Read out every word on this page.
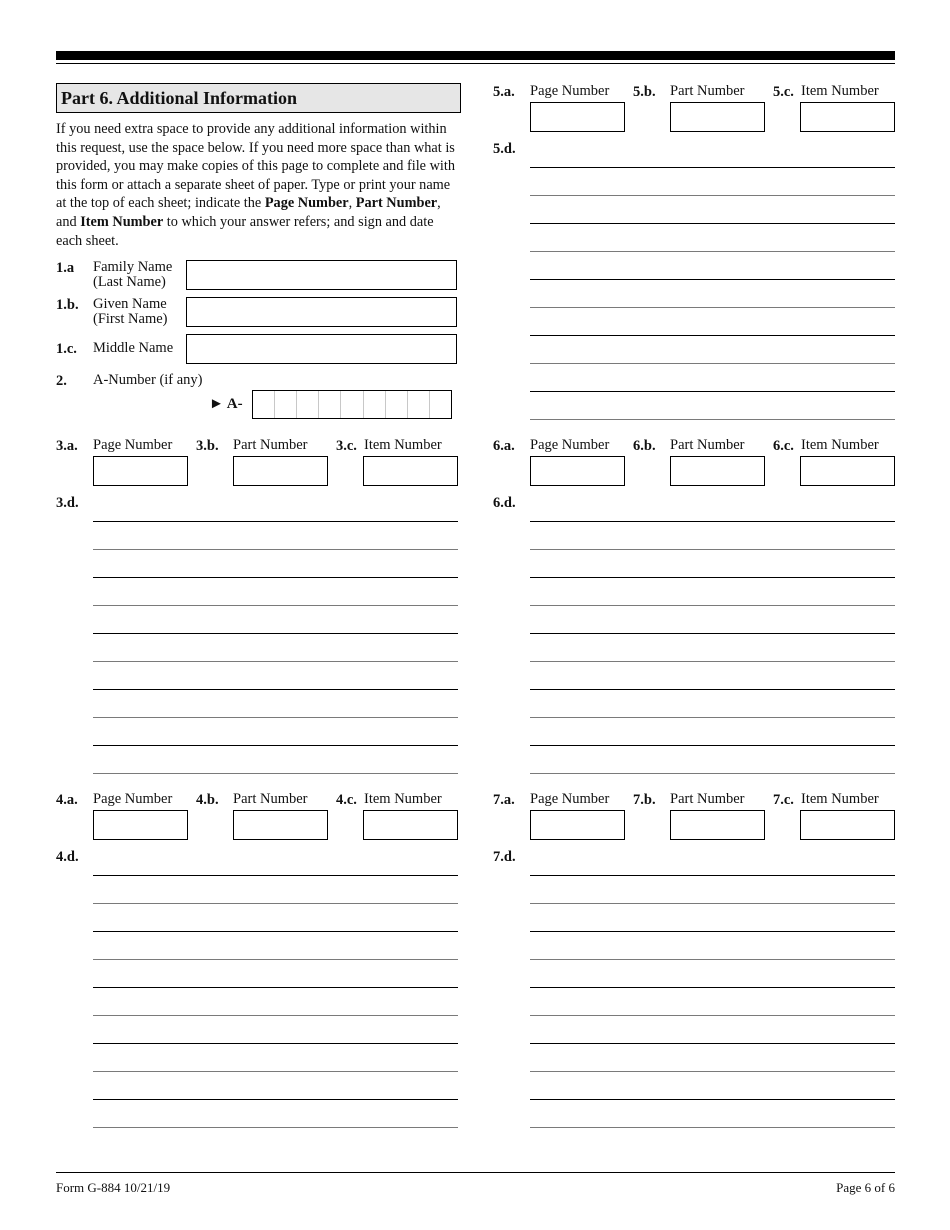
Part 6. Additional Information
If you need extra space to provide any additional information within this request, use the space below. If you need more space than what is provided, you may make copies of this page to complete and file with this form or attach a separate sheet of paper. Type or print your name at the top of each sheet; indicate the Page Number, Part Number, and Item Number to which your answer refers; and sign and date each sheet.
1.a Family Name
(Last Name)
1.b. Given Name
(First Name)
1.c. Middle Name
2. A-Number (if any)
► A-
3.a. Page Number 3.b. Part Number 3.c. Item Number
3.d.
4.a. Page Number 4.b. Part Number 4.c. Item Number
4.d.
5.a. Page Number 5.b. Part Number 5.c. Item Number
5.d.
6.a. Page Number 6.b. Part Number 6.c. Item Number
6.d.
7.a. Page Number 7.b. Part Number 7.c. Item Number
7.d.
Form G-884 10/21/19	Page 6 of 6
